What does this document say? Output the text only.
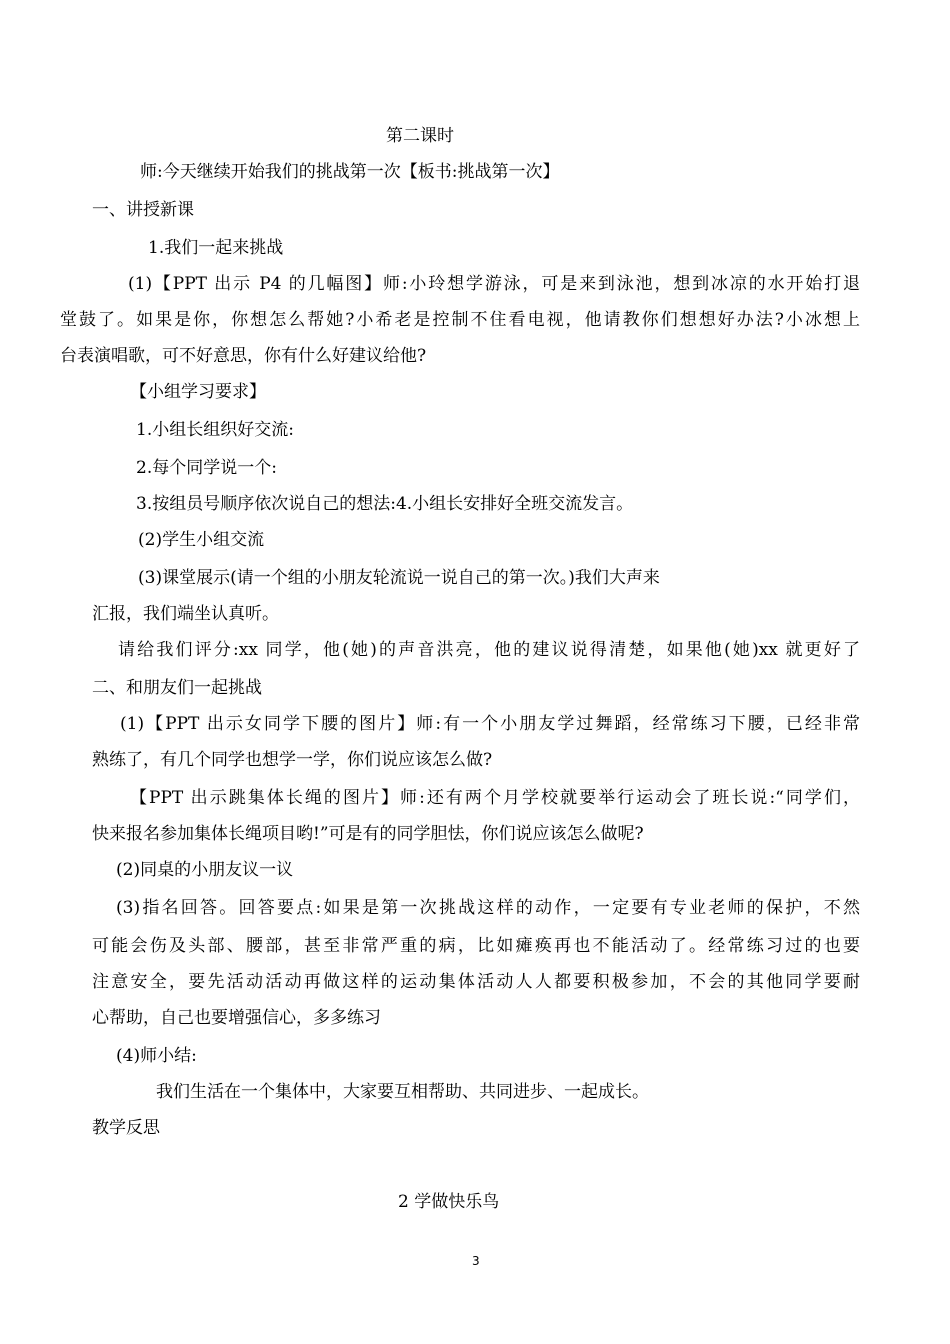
第二课时
师:今天继续开始我们的挑战第一次【板书:挑战第一次】
一、讲授新课
1.我们一起来挑战
(1)【PPT 出示 P4 的几幅图】师:小玲想学游泳，可是来到泳池，想到冰凉的水开始打退
堂鼓了。如果是你，你想怎么帮她?小希老是控制不住看电视，他请教你们想想好办法?小冰想上
台表演唱歌，可不好意思，你有什么好建议给他?
【小组学习要求】
1.小组长组织好交流:
2.每个同学说一个:
3.按组员号顺序依次说自己的想法:4.小组长安排好全班交流发言。
(2)学生小组交流
(3)课堂展示(请一个组的小朋友轮流说一说自己的第一次。)我们大声来
汇报，我们端坐认真听。
请给我们评分:xx 同学，他(她)的声音洪亮，他的建议说得清楚，如果他(她)xx 就更好了
二、和朋友们一起挑战
(1)【PPT 出示女同学下腰的图片】师:有一个小朋友学过舞蹈，经常练习下腰，已经非常
熟练了，有几个同学也想学一学，你们说应该怎么做?
【PPT 出示跳集体长绳的图片】师:还有两个月学校就要举行运动会了班长说:“同学们，
快来报名参加集体长绳项目哟!”可是有的同学胆怯，你们说应该怎么做呢?
(2)同桌的小朋友议一议
(3)指名回答。回答要点:如果是第一次挑战这样的动作，一定要有专业老师的保护，不然
可能会伤及头部、腰部，甚至非常严重的病，比如瘫痪再也不能活动了。经常练习过的也要
注意安全，要先活动活动再做这样的运动集体活动人人都要积极参加，不会的其他同学要耐
心帮助，自己也要增强信心，多多练习
(4)师小结:
我们生活在一个集体中，大家要互相帮助、共同进步、一起成长。
教学反思
2 学做快乐鸟
3
